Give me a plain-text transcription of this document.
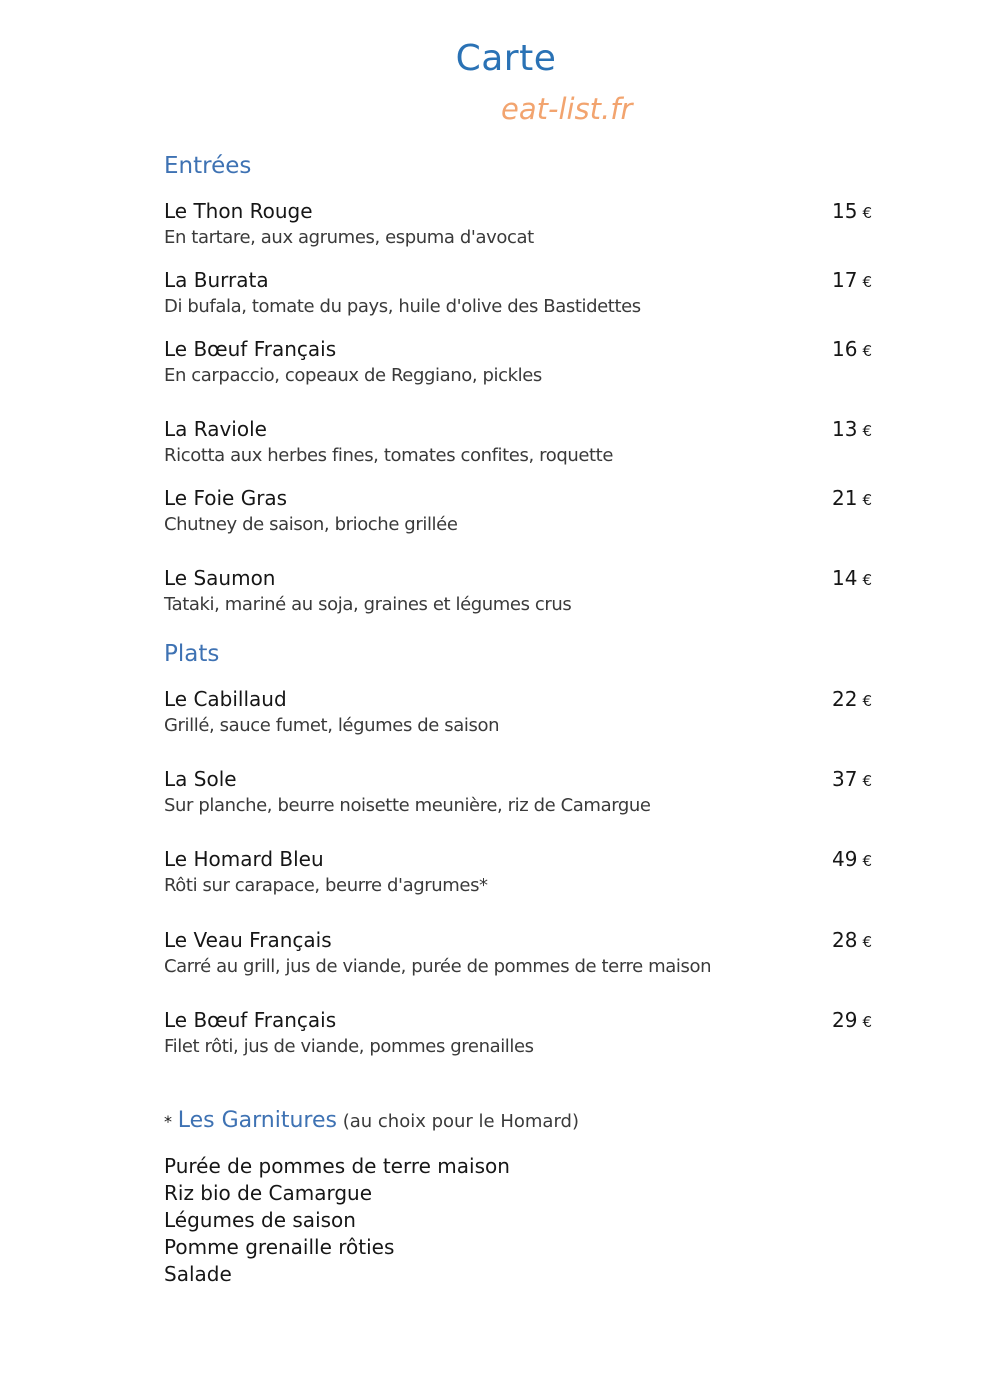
Carte
eat-list.fr
Entrées
Le Thon Rouge
En tartare, aux agrumes, espuma d'avocat
15 €
La Burrata
Di bufala, tomate du pays, huile d'olive des Bastidettes
17 €
Le Bœuf Français
En carpaccio, copeaux de Reggiano, pickles
16 €
La Raviole
Ricotta aux herbes fines, tomates confites, roquette
13 €
Le Foie Gras
Chutney de saison, brioche grillée
21 €
Le Saumon
Tataki, mariné au soja, graines et légumes crus
14 €
Plats
Le Cabillaud
Grillé, sauce fumet, légumes de saison
22 €
La Sole
Sur planche, beurre noisette meunière, riz de Camargue
37 €
Le Homard Bleu
Rôti sur carapace, beurre d'agrumes*
49 €
Le Veau Français
Carré au grill, jus de viande, purée de pommes de terre maison
28 €
Le Bœuf Français
Filet rôti, jus de viande, pommes grenailles
29 €
* Les Garnitures (au choix pour le Homard)
Purée de pommes de terre maison
Riz bio de Camargue
Légumes de saison
Pomme grenaille rôties
Salade
